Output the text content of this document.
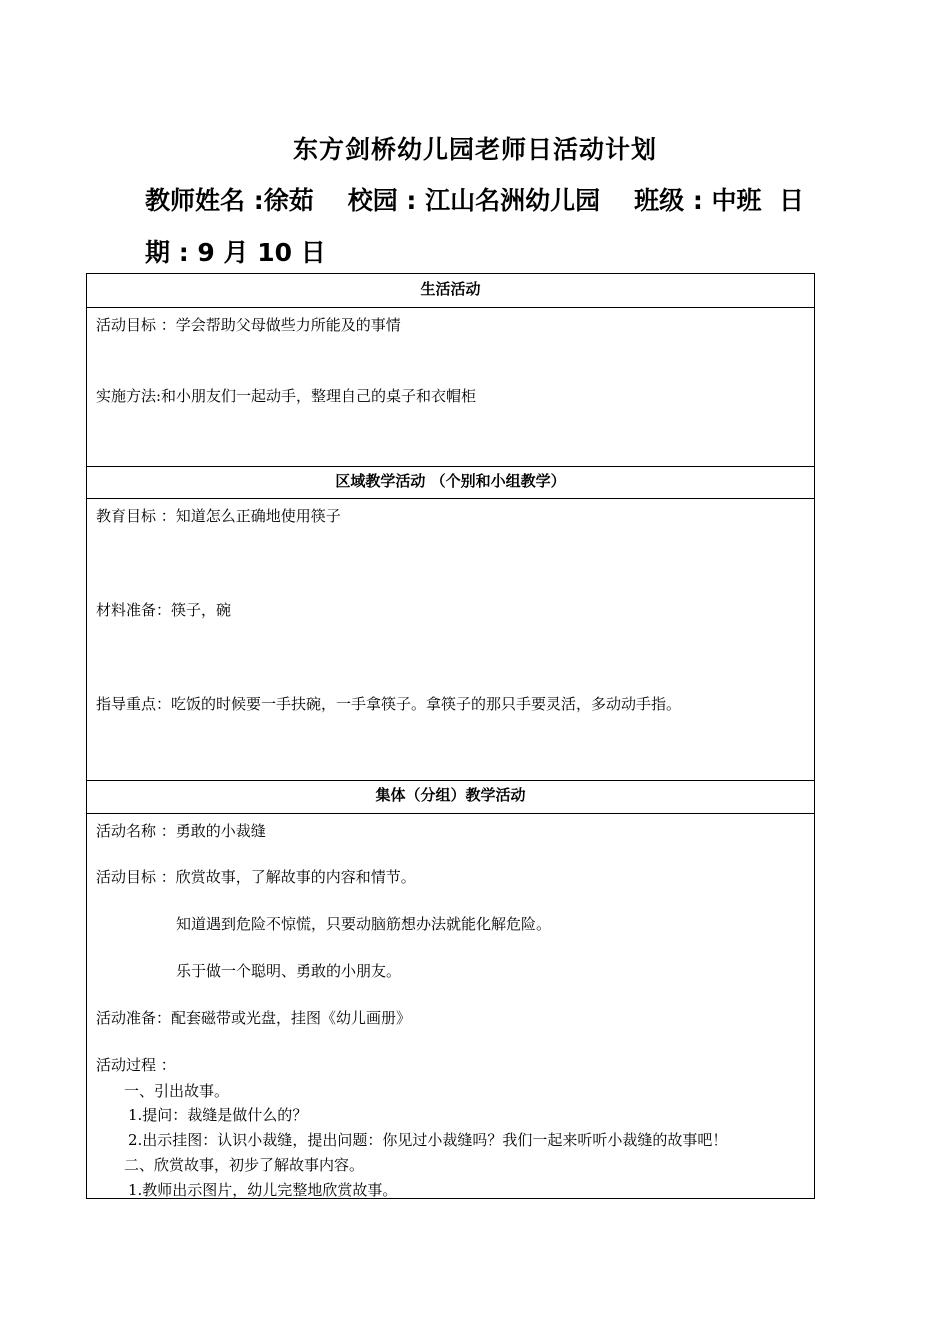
东方剑桥幼儿园老师日活动计划
教师姓名 :徐茹 校园 : 江山名洲幼儿园 班级 : 中班 日
期 : 9 月 10 日
生活活动
活动目标 ：学会帮助父母做些力所能及的事情
实施方法:和小朋友们一起动手，整理自己的桌子和衣帽柜
区域教学活动 （个别和小组教学）
教育目标 ：知道怎么正确地使用筷子
材料准备：筷子，碗
指导重点：吃饭的时候要一手扶碗，一手拿筷子。拿筷子的那只手要灵活，多动动手指。
集体（分组）教学活动
活动名称 ：勇敢的小裁缝
活动目标 ：欣赏故事，了解故事的内容和情节。
知道遇到危险不惊慌，只要动脑筋想办法就能化解危险。
乐于做一个聪明、勇敢的小朋友。
活动准备：配套磁带或光盘，挂图《幼儿画册》
活动过程 ：
一、引出故事。
1.提问：裁缝是做什么的？
2.出示挂图：认识小裁缝，提出问题：你见过小裁缝吗？我们一起来听听小裁缝的故事吧！
二、欣赏故事，初步了解故事内容。
1.教师出示图片，幼儿完整地欣赏故事。
